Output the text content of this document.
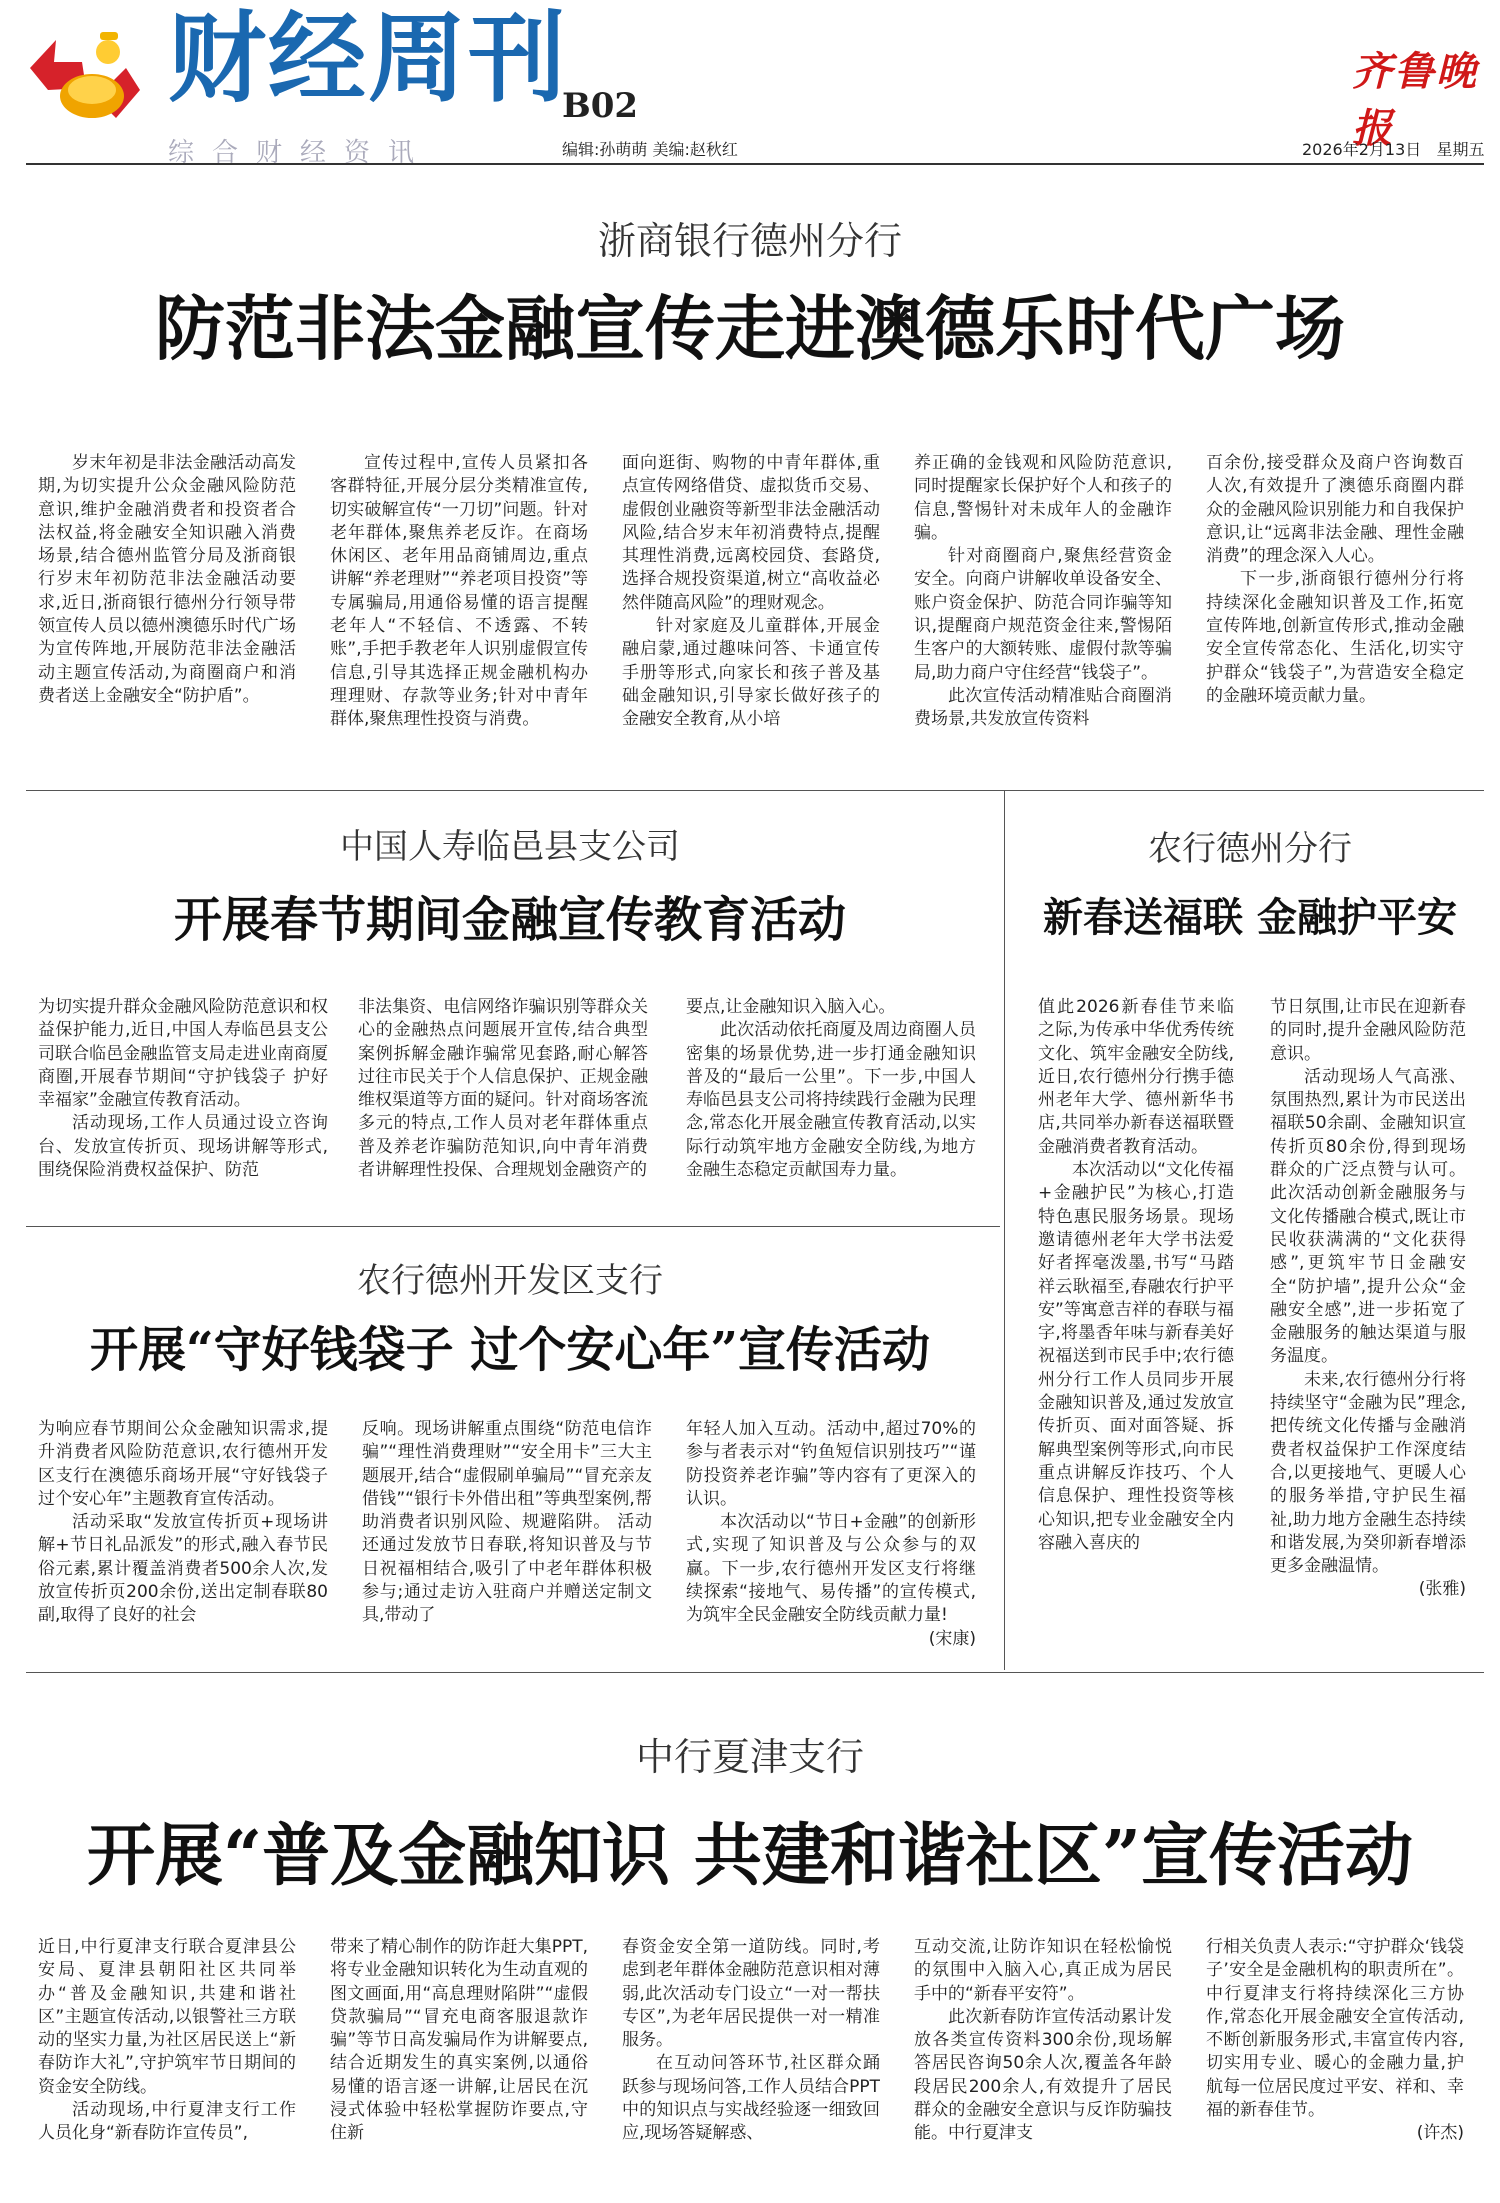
财经周刊
B02
综合财经资讯	编辑:孙萌萌 美编:赵秋红
齐鲁晚报
2026年2月13日 星期五
浙商银行德州分行
防范非法金融宣传走进澳德乐时代广场

岁末年初是非法金融活动高发期,为切实提升公众金融风险防范意识,维护金融消费者和投资者合法权益,将金融安全知识融入消费场景,结合德州监管分局及浙商银行岁末年初防范非法金融活动要求,近日,浙商银行德州分行领导带领宣传人员以德州澳德乐时代广场为宣传阵地,开展防范非法金融活动主题宣传活动,为商圈商户和消费者送上金融安全“防护盾”。

宣传过程中,宣传人员紧扣各客群特征,开展分层分类精准宣传,切实破解宣传“一刀切”问题。针对老年群体,聚焦养老反诈。在商场休闲区、老年用品商铺周边,重点讲解“养老理财”“养老项目投资”等专属骗局,用通俗易懂的语言提醒老年人“不轻信、不透露、不转账”,手把手教老年人识别虚假宣传信息,引导其选择正规金融机构办理理财、存款等业务;针对中青年群体,聚焦理性投资与消费。

面向逛街、购物的中青年群体,重点宣传网络借贷、虚拟货币交易、虚假创业融资等新型非法金融活动风险,结合岁末年初消费特点,提醒其理性消费,远离校园贷、套路贷,选择合规投资渠道,树立“高收益必然伴随高风险”的理财观念。

针对家庭及儿童群体,开展金融启蒙,通过趣味问答、卡通宣传手册等形式,向家长和孩子普及基础金融知识,引导家长做好孩子的金融安全教育,从小培

养正确的金钱观和风险防范意识,同时提醒家长保护好个人和孩子的信息,警惕针对未成年人的金融诈骗。

针对商圈商户,聚焦经营资金安全。向商户讲解收单设备安全、账户资金保护、防范合同诈骗等知识,提醒商户规范资金往来,警惕陌生客户的大额转账、虚假付款等骗局,助力商户守住经营“钱袋子”。

此次宣传活动精准贴合商圈消费场景,共发放宣传资料

百余份,接受群众及商户咨询数百人次,有效提升了澳德乐商圈内群众的金融风险识别能力和自我保护意识,让“远离非法金融、理性金融消费”的理念深入人心。

下一步,浙商银行德州分行将持续深化金融知识普及工作,拓宽宣传阵地,创新宣传形式,推动金融安全宣传常态化、生活化,切实守护群众“钱袋子”,为营造安全稳定的金融环境贡献力量。

中国人寿临邑县支公司
开展春节期间金融宣传教育活动

为切实提升群众金融风险防范意识和权益保护能力,近日,中国人寿临邑县支公司联合临邑金融监管支局走进业南商厦商圈,开展春节期间“守护钱袋子 护好幸福家”金融宣传教育活动。

活动现场,工作人员通过设立咨询台、发放宣传折页、现场讲解等形式,围绕保险消费权益保护、防范

非法集资、电信网络诈骗识别等群众关心的金融热点问题展开宣传,结合典型案例拆解金融诈骗常见套路,耐心解答过往市民关于个人信息保护、正规金融维权渠道等方面的疑问。针对商场客流多元的特点,工作人员对老年群体重点普及养老诈骗防范知识,向中青年消费者讲解理性投保、合理规划金融资产的

要点,让金融知识入脑入心。

此次活动依托商厦及周边商圈人员密集的场景优势,进一步打通金融知识普及的“最后一公里”。下一步,中国人寿临邑县支公司将持续践行金融为民理念,常态化开展金融宣传教育活动,以实际行动筑牢地方金融安全防线,为地方金融生态稳定贡献国寿力量。

农行德州开发区支行
开展“守好钱袋子 过个安心年”宣传活动

为响应春节期间公众金融知识需求,提升消费者风险防范意识,农行德州开发区支行在澳德乐商场开展“守好钱袋子 过个安心年”主题教育宣传活动。

活动采取“发放宣传折页+现场讲解+节日礼品派发”的形式,融入春节民俗元素,累计覆盖消费者500余人次,发放宣传折页200余份,送出定制春联80副,取得了良好的社会

反响。现场讲解重点围绕“防范电信诈骗”“理性消费理财”“安全用卡”三大主题展开,结合“虚假刷单骗局”“冒充亲友借钱”“银行卡外借出租”等典型案例,帮助消费者识别风险、规避陷阱。 活动还通过发放节日春联,将知识普及与节日祝福相结合,吸引了中老年群体积极参与;通过走访入驻商户并赠送定制文具,带动了

年轻人加入互动。活动中,超过70%的参与者表示对“钓鱼短信识别技巧”“谨防投资养老诈骗”等内容有了更深入的认识。

本次活动以“节日+金融”的创新形式,实现了知识普及与公众参与的双赢。下一步,农行德州开发区支行将继续探索“接地气、易传播”的宣传模式,为筑牢全民金融安全防线贡献力量!

(宋康)
农行德州分行
新春送福联 金融护平安

值此2026新春佳节来临之际,为传承中华优秀传统文化、筑牢金融安全防线,近日,农行德州分行携手德州老年大学、德州新华书店,共同举办新春送福联暨金融消费者教育活动。

本次活动以“文化传福+金融护民”为核心,打造特色惠民服务场景。现场邀请德州老年大学书法爱好者挥毫泼墨,书写“马踏祥云耿福至,春融农行护平安”等寓意吉祥的春联与福字,将墨香年味与新春美好祝福送到市民手中;农行德州分行工作人员同步开展金融知识普及,通过发放宣传折页、面对面答疑、拆解典型案例等形式,向市民重点讲解反诈技巧、个人信息保护、理性投资等核心知识,把专业金融安全内容融入喜庆的

节日氛围,让市民在迎新春的同时,提升金融风险防范意识。

活动现场人气高涨、氛围热烈,累计为市民送出福联50余副、金融知识宣传折页80余份,得到现场群众的广泛点赞与认可。此次活动创新金融服务与文化传播融合模式,既让市民收获满满的“文化获得感”,更筑牢节日金融安全“防护墙”,提升公众“金融安全感”,进一步拓宽了金融服务的触达渠道与服务温度。

未来,农行德州分行将持续坚守“金融为民”理念,把传统文化传播与金融消费者权益保护工作深度结合,以更接地气、更暖人心的服务举措,守护民生福祉,助力地方金融生态持续和谐发展,为癸卯新春增添更多金融温情。

(张雅)
中行夏津支行
开展“普及金融知识 共建和谐社区”宣传活动

近日,中行夏津支行联合夏津县公安局、夏津县朝阳社区共同举办“普及金融知识,共建和谐社区”主题宣传活动,以银警社三方联动的坚实力量,为社区居民送上“新春防诈大礼”,守护筑牢节日期间的资金安全防线。

活动现场,中行夏津支行工作人员化身“新春防诈宣传员”,

带来了精心制作的防诈赶大集PPT,将专业金融知识转化为生动直观的图文画面,用“高息理财陷阱”“虚假贷款骗局”“冒充电商客服退款诈骗”等节日高发骗局作为讲解要点,结合近期发生的真实案例,以通俗易懂的语言逐一讲解,让居民在沉浸式体验中轻松掌握防诈要点,守住新

春资金安全第一道防线。同时,考虑到老年群体金融防范意识相对薄弱,此次活动专门设立“一对一帮扶专区”,为老年居民提供一对一精准服务。

在互动问答环节,社区群众踊跃参与现场问答,工作人员结合PPT中的知识点与实战经验逐一细致回应,现场答疑解惑、

互动交流,让防诈知识在轻松愉悦的氛围中入脑入心,真正成为居民手中的“新春平安符”。

此次新春防诈宣传活动累计发放各类宣传资料300余份,现场解答居民咨询50余人次,覆盖各年龄段居民200余人,有效提升了居民群众的金融安全意识与反诈防骗技能。中行夏津支

行相关负责人表示:“守护群众‘钱袋子’安全是金融机构的职责所在”。中行夏津支行将持续深化三方协作,常态化开展金融安全宣传活动,不断创新服务形式,丰富宣传内容,切实用专业、暖心的金融力量,护航每一位居民度过平安、祥和、幸福的新春佳节。

(许杰)
